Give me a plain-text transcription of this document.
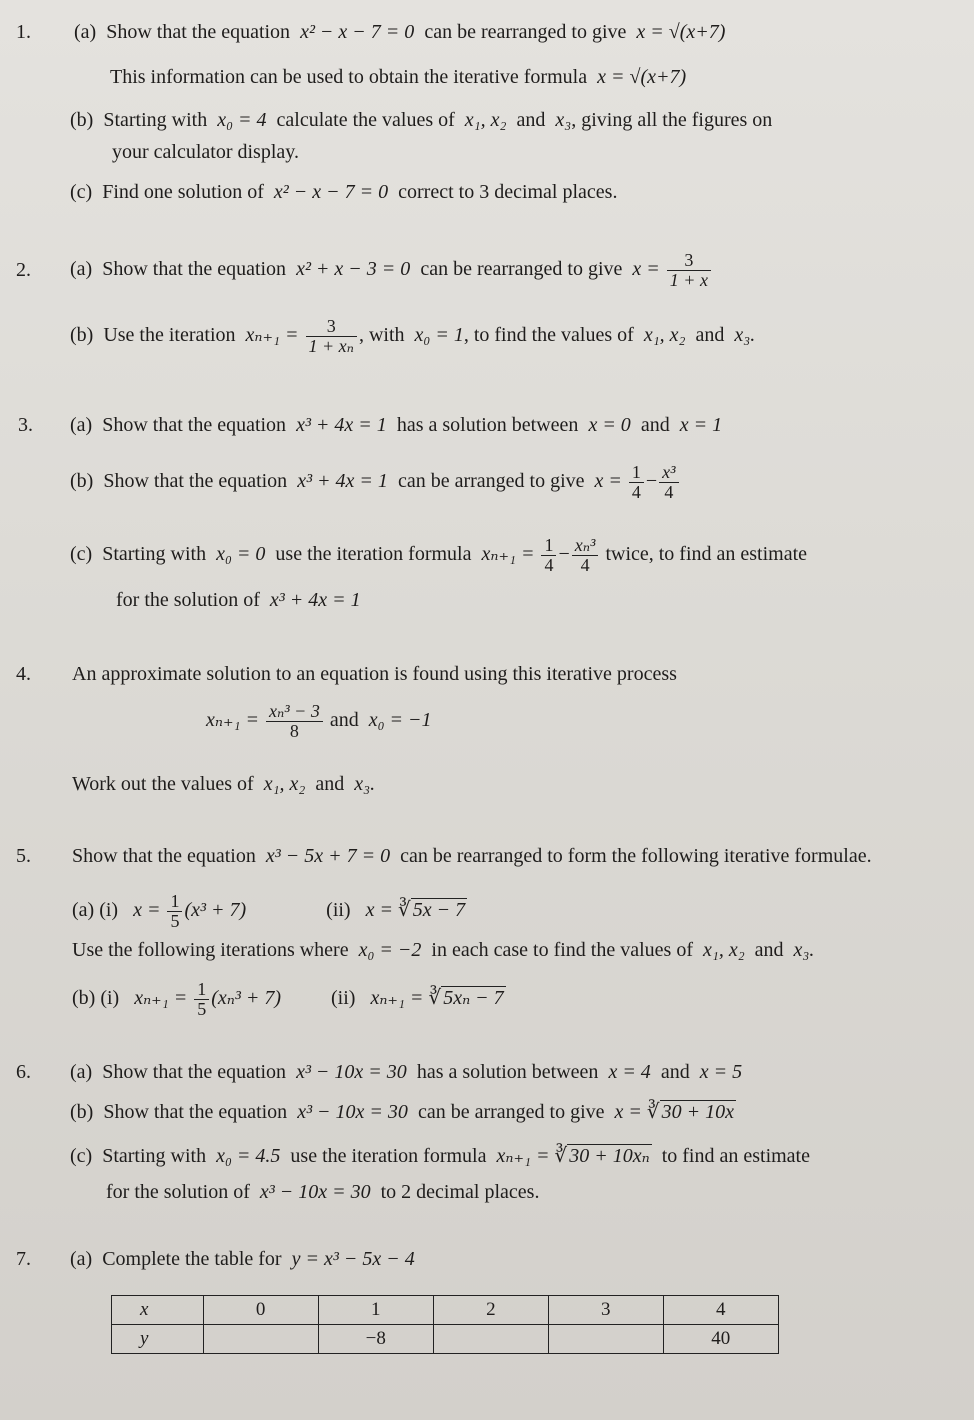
1. (a) Show that the equation x² − x − 7 = 0 can be rearranged to give x = √(x+7)
This information can be used to obtain the iterative formula x = √(x+7)
(b) Starting with x₀ = 4 calculate the values of x₁, x₂ and x₃, giving all the figures on
your calculator display.
(c) Find one solution of x² − x − 7 = 0 correct to 3 decimal places.
2. (a) Show that the equation x² + x − 3 = 0 can be rearranged to give $x = \frac{3}{1 + x}$
(b) Use the iteration $x_{n+1} = \frac{3}{\text{1 + xₙ}}$ , with x₀ = 1, to find the values of x₁, x₂ and x₃.
3. (a) Show that the equation x³ + 4x = 1 has a solution between x = 0 and x = 1
(b) Show that the equation x³ + 4x = 1 can be arranged to give $x = \frac{1}{4} - \frac{\text{x³}}{4}$
(c) Starting with x₀ = 0 use the iteration formula $x_{n+1} = \frac{1}{4} - \frac{\text{xₙ³}}{4}$ twice, to find an estimate
for the solution of x³ + 4x = 1
4. An approximate solution to an equation is found using this iterative process
$x_{n+1} = \frac{\text{xₙ³ − 3}}{8}$ and x₀ = −1
Work out the values of x₁, x₂ and x₃.
5. Show that the equation x³ − 5x + 7 = 0 can be rearranged to form the following iterative formulae.
(a) (i) $x = \frac{1}{5} (x^3 + 7)$	(ii) x = ∛ 5x − 7
Use the following iterations where x₀ = −2 in each case to find the values of x₁, x₂ and x₃.
(b) (i) $x_{n+1} = \frac{1}{5} (x_n^3 + 7)$	(ii) xₙ₊₁ = ∛ 5xₙ − 7
6. (a) Show that the equation x³ − 10x = 30 has a solution between x = 4 and x = 5
(b) Show that the equation x³ − 10x = 30 can be arranged to give x = ∛ 30 + 10x
(c) Starting with x₀ = 4.5 use the iteration formula xₙ₊₁ = ∛ 30 + 10xₙ to find an estimate
for the solution of x³ − 10x = 30 to 2 decimal places.
7. (a) Complete the table for y = x³ − 5x − 4
x	0	1	2	3	4
y		−8			40
